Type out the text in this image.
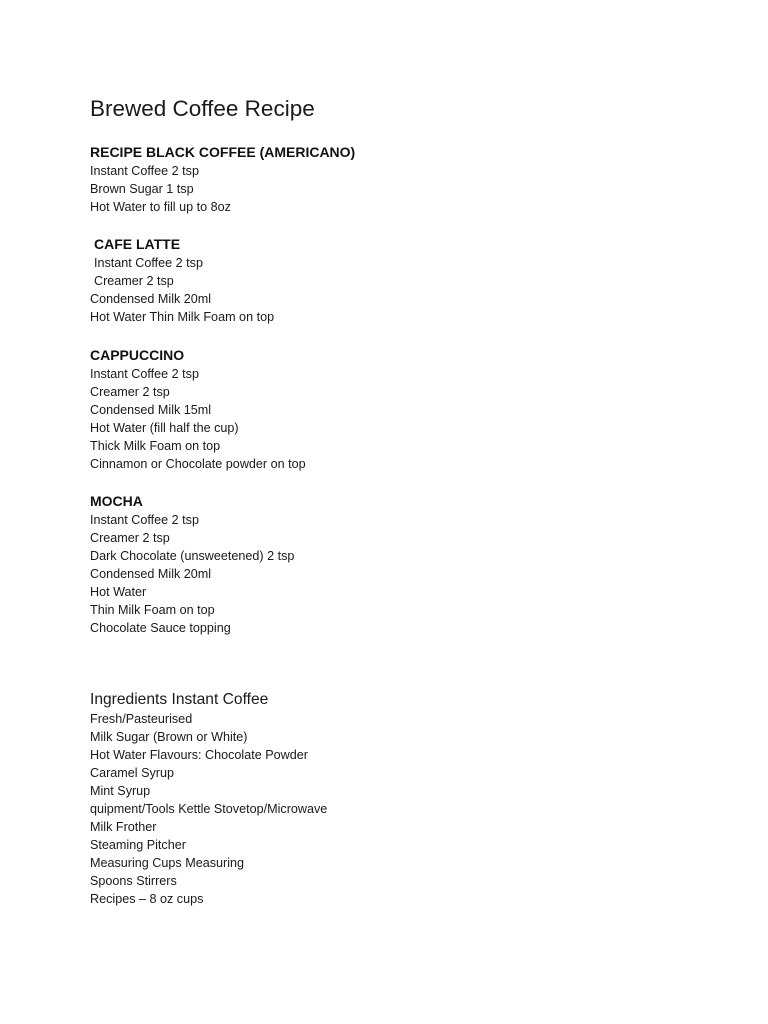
Brewed Coffee Recipe
RECIPE BLACK COFFEE (AMERICANO)
Instant Coffee 2 tsp
Brown Sugar 1 tsp
Hot Water to fill up to 8oz
CAFE LATTE
Instant Coffee 2 tsp
Creamer 2 tsp
Condensed Milk 20ml
Hot Water Thin Milk Foam on top
CAPPUCCINO
Instant Coffee 2 tsp
Creamer 2 tsp
Condensed Milk 15ml
Hot Water (fill half the cup)
Thick Milk Foam on top
Cinnamon or Chocolate powder on top
MOCHA
Instant Coffee 2 tsp
Creamer 2 tsp
Dark Chocolate (unsweetened) 2 tsp
Condensed Milk 20ml
Hot Water
Thin Milk Foam on top
Chocolate Sauce topping
Ingredients Instant Coffee
Fresh/Pasteurised
Milk Sugar (Brown or White)
Hot Water Flavours: Chocolate Powder
Caramel Syrup
Mint Syrup
quipment/Tools Kettle Stovetop/Microwave
Milk Frother
Steaming Pitcher
Measuring Cups Measuring
Spoons Stirrers
Recipes – 8 oz cups
